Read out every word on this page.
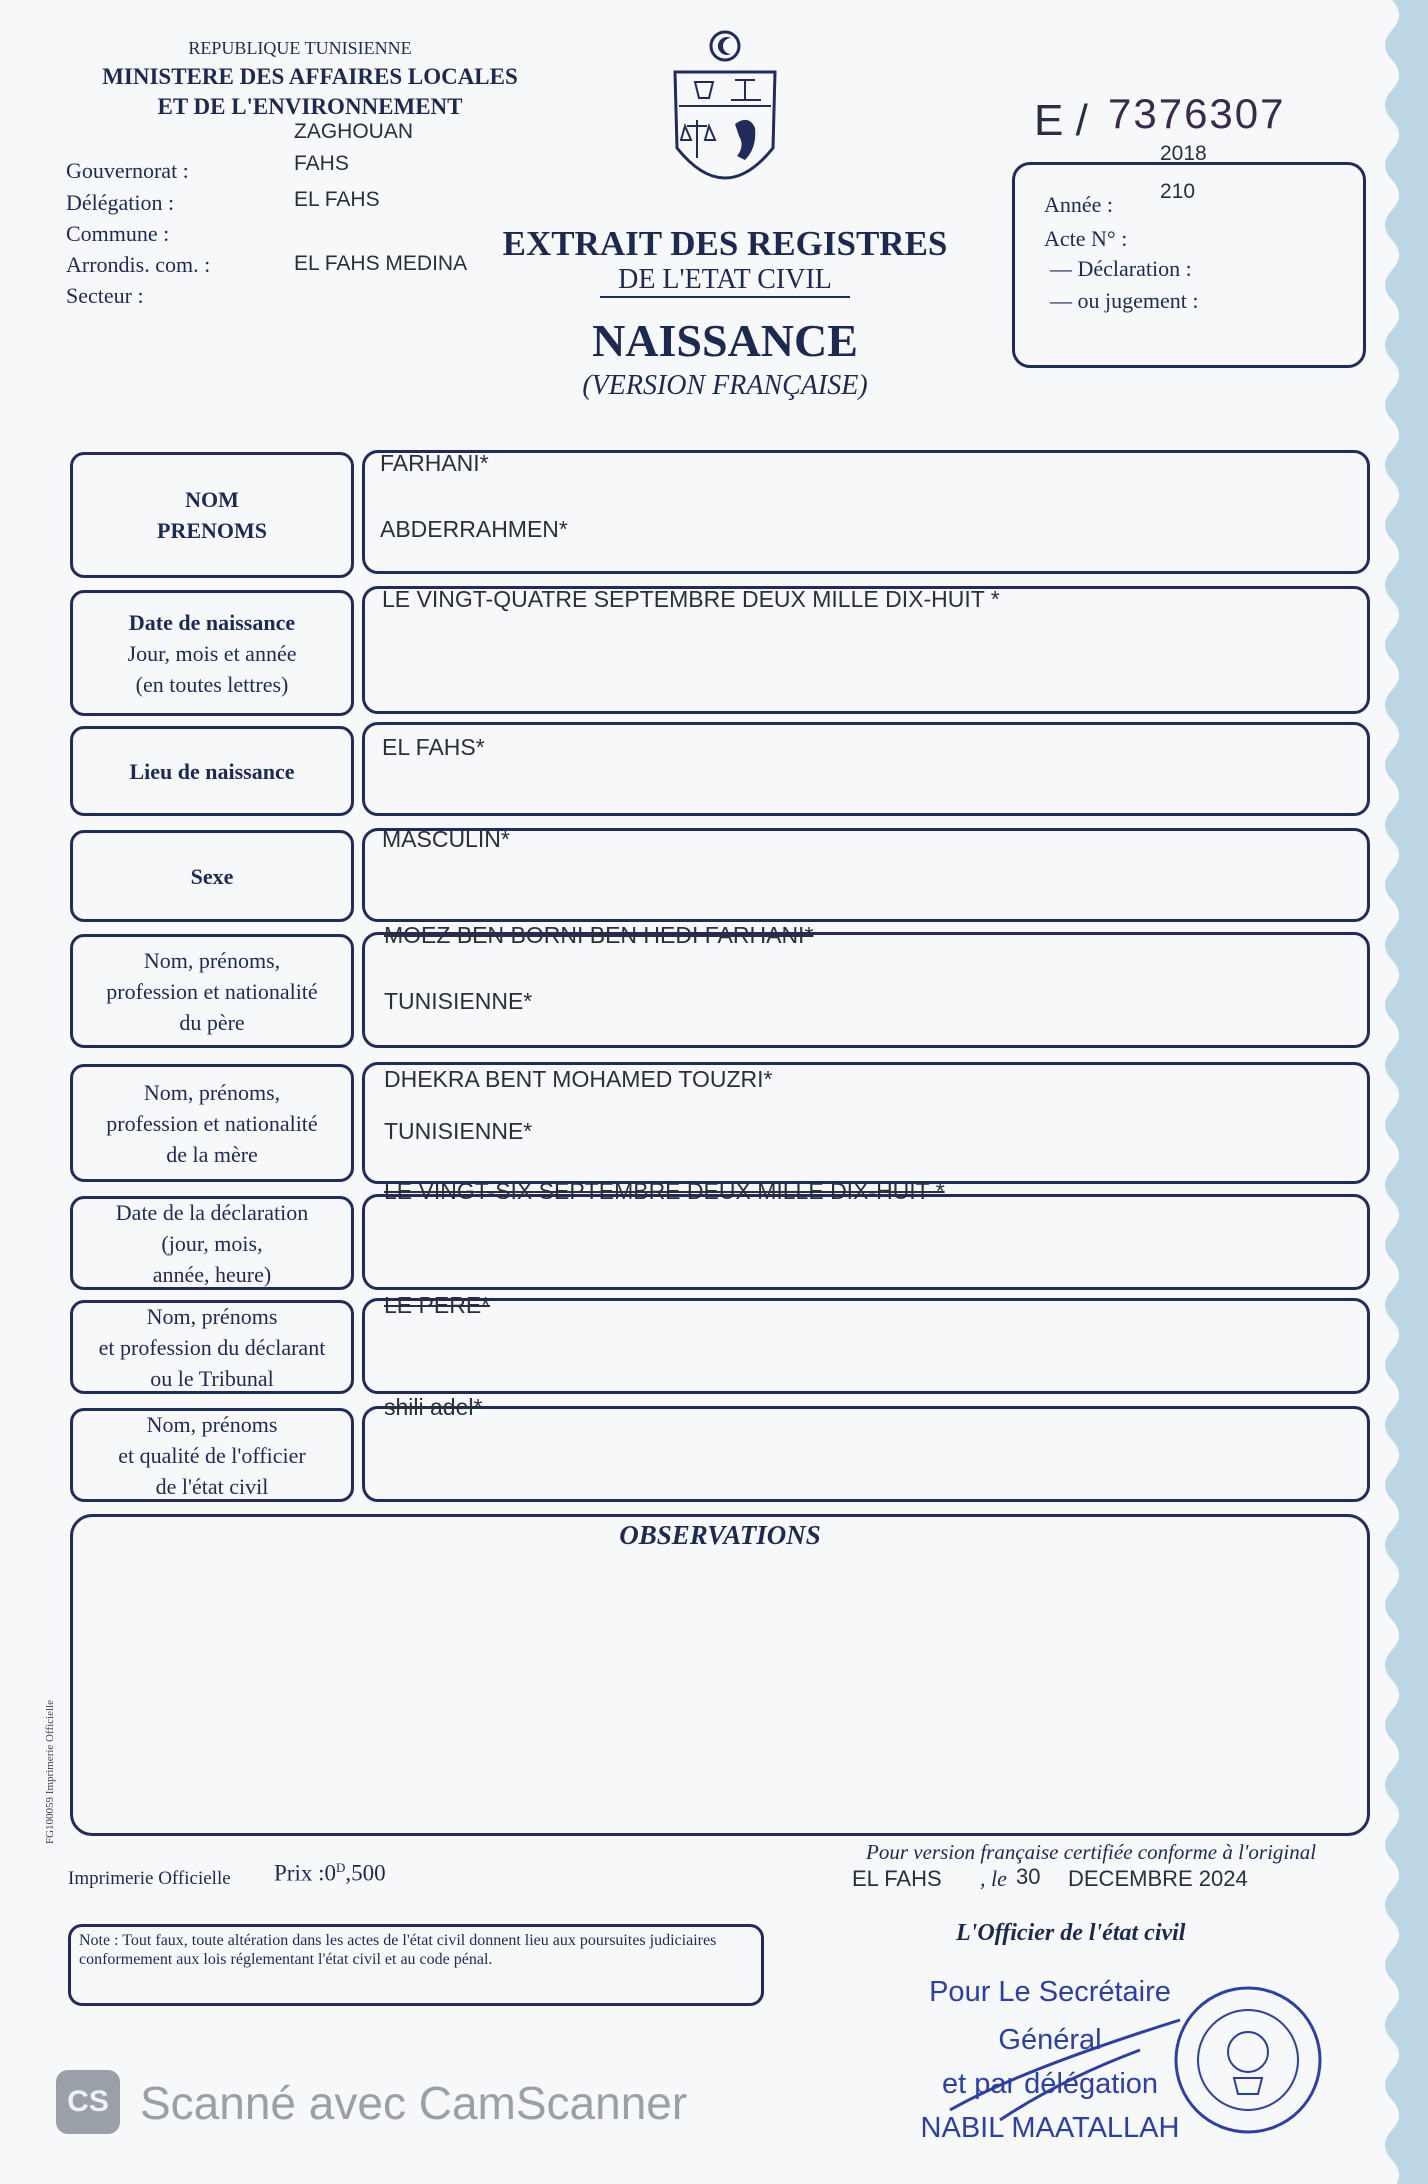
REPUBLIQUE TUNISIENNE
MINISTERE DES AFFAIRES LOCALES
ET DE L'ENVIRONNEMENT
Gouvernorat :
Délégation :
Commune :
Arrondis. com. :
Secteur :
ZAGHOUAN
FAHS
EL FAHS
EL FAHS MEDINA
E / 7376307
Année :
2018
Acte N° :
210
— Déclaration :
— ou jugement :
EXTRAIT DES REGISTRES
DE L'ETAT CIVIL
NAISSANCE
(VERSION FRANÇAISE)
NOM
PRENOMS
FARHANI*
ABDERRAHMEN*
Date de naissance
Jour, mois et année
(en toutes lettres)
LE VINGT-QUATRE SEPTEMBRE DEUX MILLE DIX-HUIT *
Lieu de naissance
EL FAHS*
Sexe
MASCULIN*
Nom, prénoms,
profession et nationalité
du père
MOEZ BEN BORNI BEN HEDI FARHANI*
TUNISIENNE*
Nom, prénoms,
profession et nationalité
de la mère
DHEKRA BENT MOHAMED TOUZRI*
TUNISIENNE*
Date de la déclaration
(jour, mois,
année, heure)
LE VINGT-SIX SEPTEMBRE DEUX MILLE DIX-HUIT *
Nom, prénoms
et profession du déclarant
ou le Tribunal
LE PERE*
Nom, prénoms
et qualité de l'officier
de l'état civil
shili adel*
OBSERVATIONS
FG100059 Imprimerie Officielle
Imprimerie Officielle Prix $:0^D,500$
Pour version française certifiée conforme à l'original
EL FAHS , le 30 DECEMBRE 2024
L'Officier de l'état civil
Note : Tout faux, toute altération dans les actes de l'état civil donnent lieu aux poursuites judiciaires conformement aux lois réglementant l'état civil et au code pénal.
Pour Le Secrétaire
Général
et par délégation
NABIL MAATALLAH
CS Scanné avec CamScanner
